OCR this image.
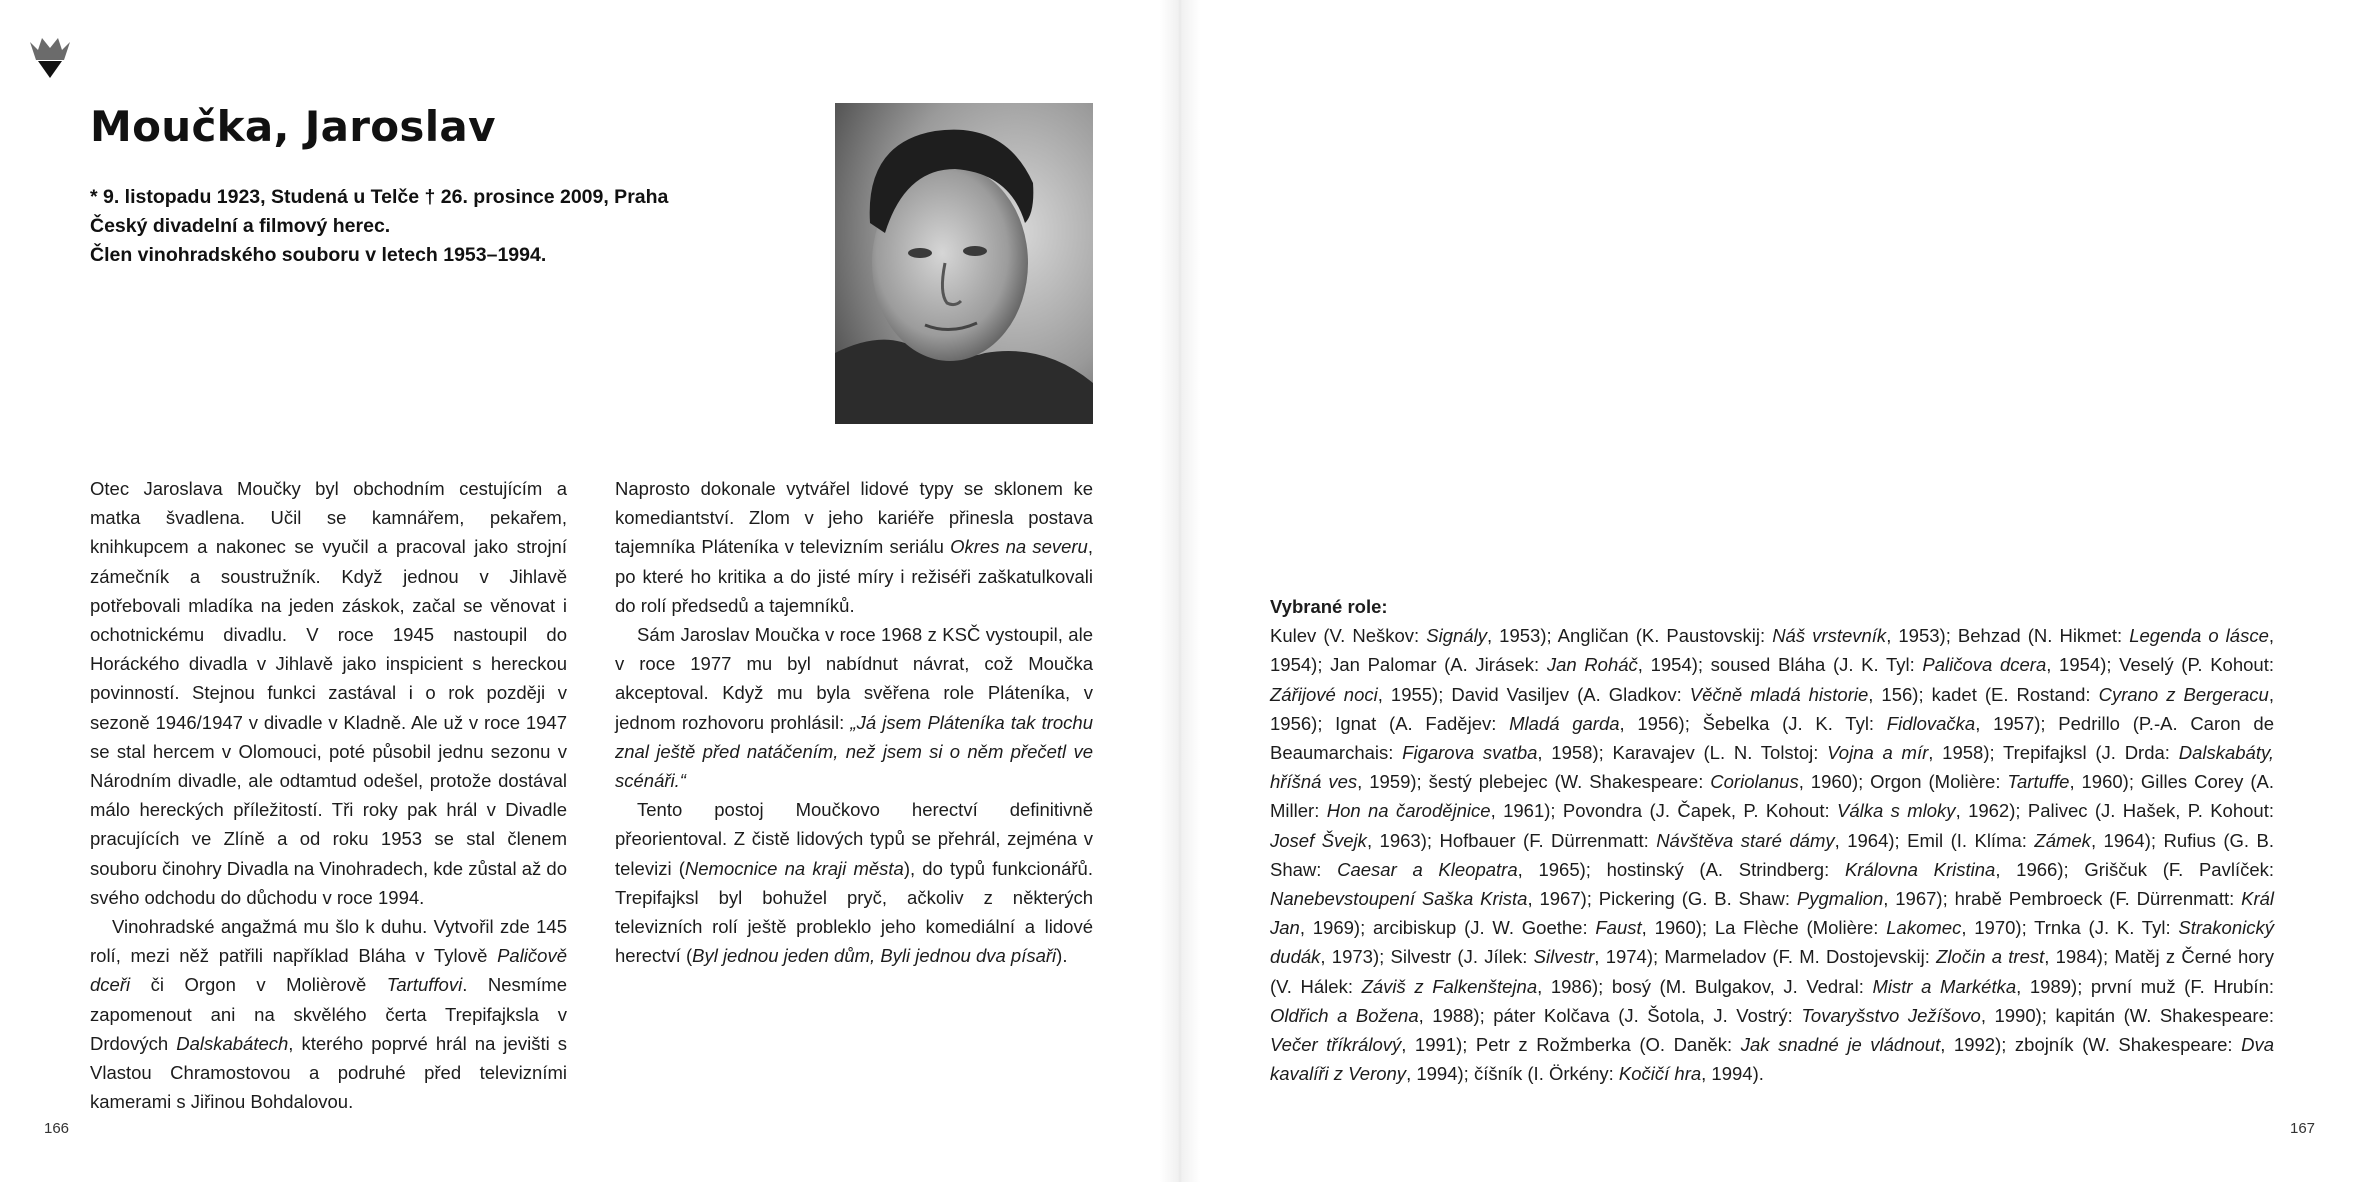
Moučka, Jaroslav
* 9. listopadu 1923, Studená u Telče † 26. prosince 2009, Praha
Český divadelní a filmový herec.
Člen vinohradského souboru v letech 1953–1994.

Otec Jaroslava Moučky byl obchodním cestujícím a matka švadlena. Učil se kamnářem, pekařem, knihkupcem a nakonec se vyučil a pracoval jako strojní zámečník a soustružník. Když jednou v Jihlavě potřebovali mladíka na jeden záskok, začal se věnovat i ochotnickému divadlu. V roce 1945 nastoupil do Horáckého divadla v Jihlavě jako inspicient s hereckou povinností. Stejnou funkci zastával i o rok později v sezoně 1946/1947 v divadle v Kladně. Ale už v roce 1947 se stal hercem v Olomouci, poté působil jednu sezonu v Národním divadle, ale odtamtud odešel, protože dostával málo hereckých příležitostí. Tři roky pak hrál v Divadle pracujících ve Zlíně a od roku 1953 se stal členem souboru činohry Divadla na Vinohradech, kde zůstal až do svého odchodu do důchodu v roce 1994.

Vinohradské angažmá mu šlo k duhu. Vytvořil zde 145 rolí, mezi něž patřili například Bláha v Tylově Paličově dceři či Orgon v Molièrově Tartuffovi. Nesmíme zapomenout ani na skvělého čerta Trepifajksla v Drdových Dalskabátech, kterého poprvé hrál na jevišti s Vlastou Chramostovou a podruhé před televizními kamerami s Jiřinou Bohdalovou.

Naprosto dokonale vytvářel lidové typy se sklonem ke komediantství. Zlom v jeho kariéře přinesla postava tajemníka Pláteníka v televizním seriálu Okres na severu, po které ho kritika a do jisté míry i režiséři zaškatulkovali do rolí předsedů a tajemníků.

Sám Jaroslav Moučka v roce 1968 z KSČ vystoupil, ale v roce 1977 mu byl nabídnut návrat, což Moučka akceptoval. Když mu byla svěřena role Pláteníka, v jednom rozhovoru prohlásil: „Já jsem Pláteníka tak trochu znal ještě před natáčením, než jsem si o něm přečetl ve scénáři.“

Tento postoj Moučkovo herectví definitivně přeorientoval. Z čistě lidových typů se přehrál, zejména v televizi (Nemocnice na kraji města), do typů funkcionářů. Trepifajksl byl bohužel pryč, ačkoliv z některých televizních rolí ještě probleklo jeho komediální a lidové herectví (Byl jednou jeden dům, Byli jednou dva písaři).

166	167
Vybrané role:
Kulev (V. Neškov: Signály, 1953); Angličan (K. Paustovskij: Náš vrstevník, 1953); Behzad (N. Hikmet: Legenda o lásce, 1954); Jan Palomar (A. Jirásek: Jan Roháč, 1954); soused Bláha (J. K. Tyl: Paličova dcera, 1954); Veselý (P. Kohout: Zářijové noci, 1955); David Vasiljev (A. Gladkov: Věčně mladá historie, 156); kadet (E. Rostand: Cyrano z Bergeracu, 1956); Ignat (A. Fadějev: Mladá garda, 1956); Šebelka (J. K. Tyl: Fidlovačka, 1957); Pedrillo (P.-A. Caron de Beaumarchais: Figarova svatba, 1958); Karavajev (L. N. Tolstoj: Vojna a mír, 1958); Trepifajksl (J. Drda: Dalskabáty, hříšná ves, 1959); šestý plebejec (W. Shakespeare: Coriolanus, 1960); Orgon (Molière: Tartuffe, 1960); Gilles Corey (A. Miller: Hon na čarodějnice, 1961); Povondra (J. Čapek, P. Kohout: Válka s mloky, 1962); Palivec (J. Hašek, P. Kohout: Josef Švejk, 1963); Hofbauer (F. Dürrenmatt: Návštěva staré dámy, 1964); Emil (I. Klíma: Zámek, 1964); Rufius (G. B. Shaw: Caesar a Kleopatra, 1965); hostinský (A. Strindberg: Královna Kristina, 1966); Griščuk (F. Pavlíček: Nanebevstoupení Saška Krista, 1967); Pickering (G. B. Shaw: Pygmalion, 1967); hrabě Pembroeck (F. Dürrenmatt: Král Jan, 1969); arcibiskup (J. W. Goethe: Faust, 1960); La Flèche (Molière: Lakomec, 1970); Trnka (J. K. Tyl: Strakonický dudák, 1973); Silvestr (J. Jílek: Silvestr, 1974); Marmeladov (F. M. Dostojevskij: Zločin a trest, 1984); Matěj z Černé hory (V. Hálek: Záviš z Falkenštejna, 1986); bosý (M. Bulgakov, J. Vedral: Mistr a Markétka, 1989); první muž (F. Hrubín: Oldřich a Božena, 1988); páter Kolčava (J. Šotola, J. Vostrý: Tovaryšstvo Ježíšovo, 1990); kapitán (W. Shakespeare: Večer tříkrálový, 1991); Petr z Rožmberka (O. Daněk: Jak snadné je vládnout, 1992); zbojník (W. Shakespeare: Dva kavalíři z Verony, 1994); číšník (I. Örkény: Kočičí hra, 1994).
